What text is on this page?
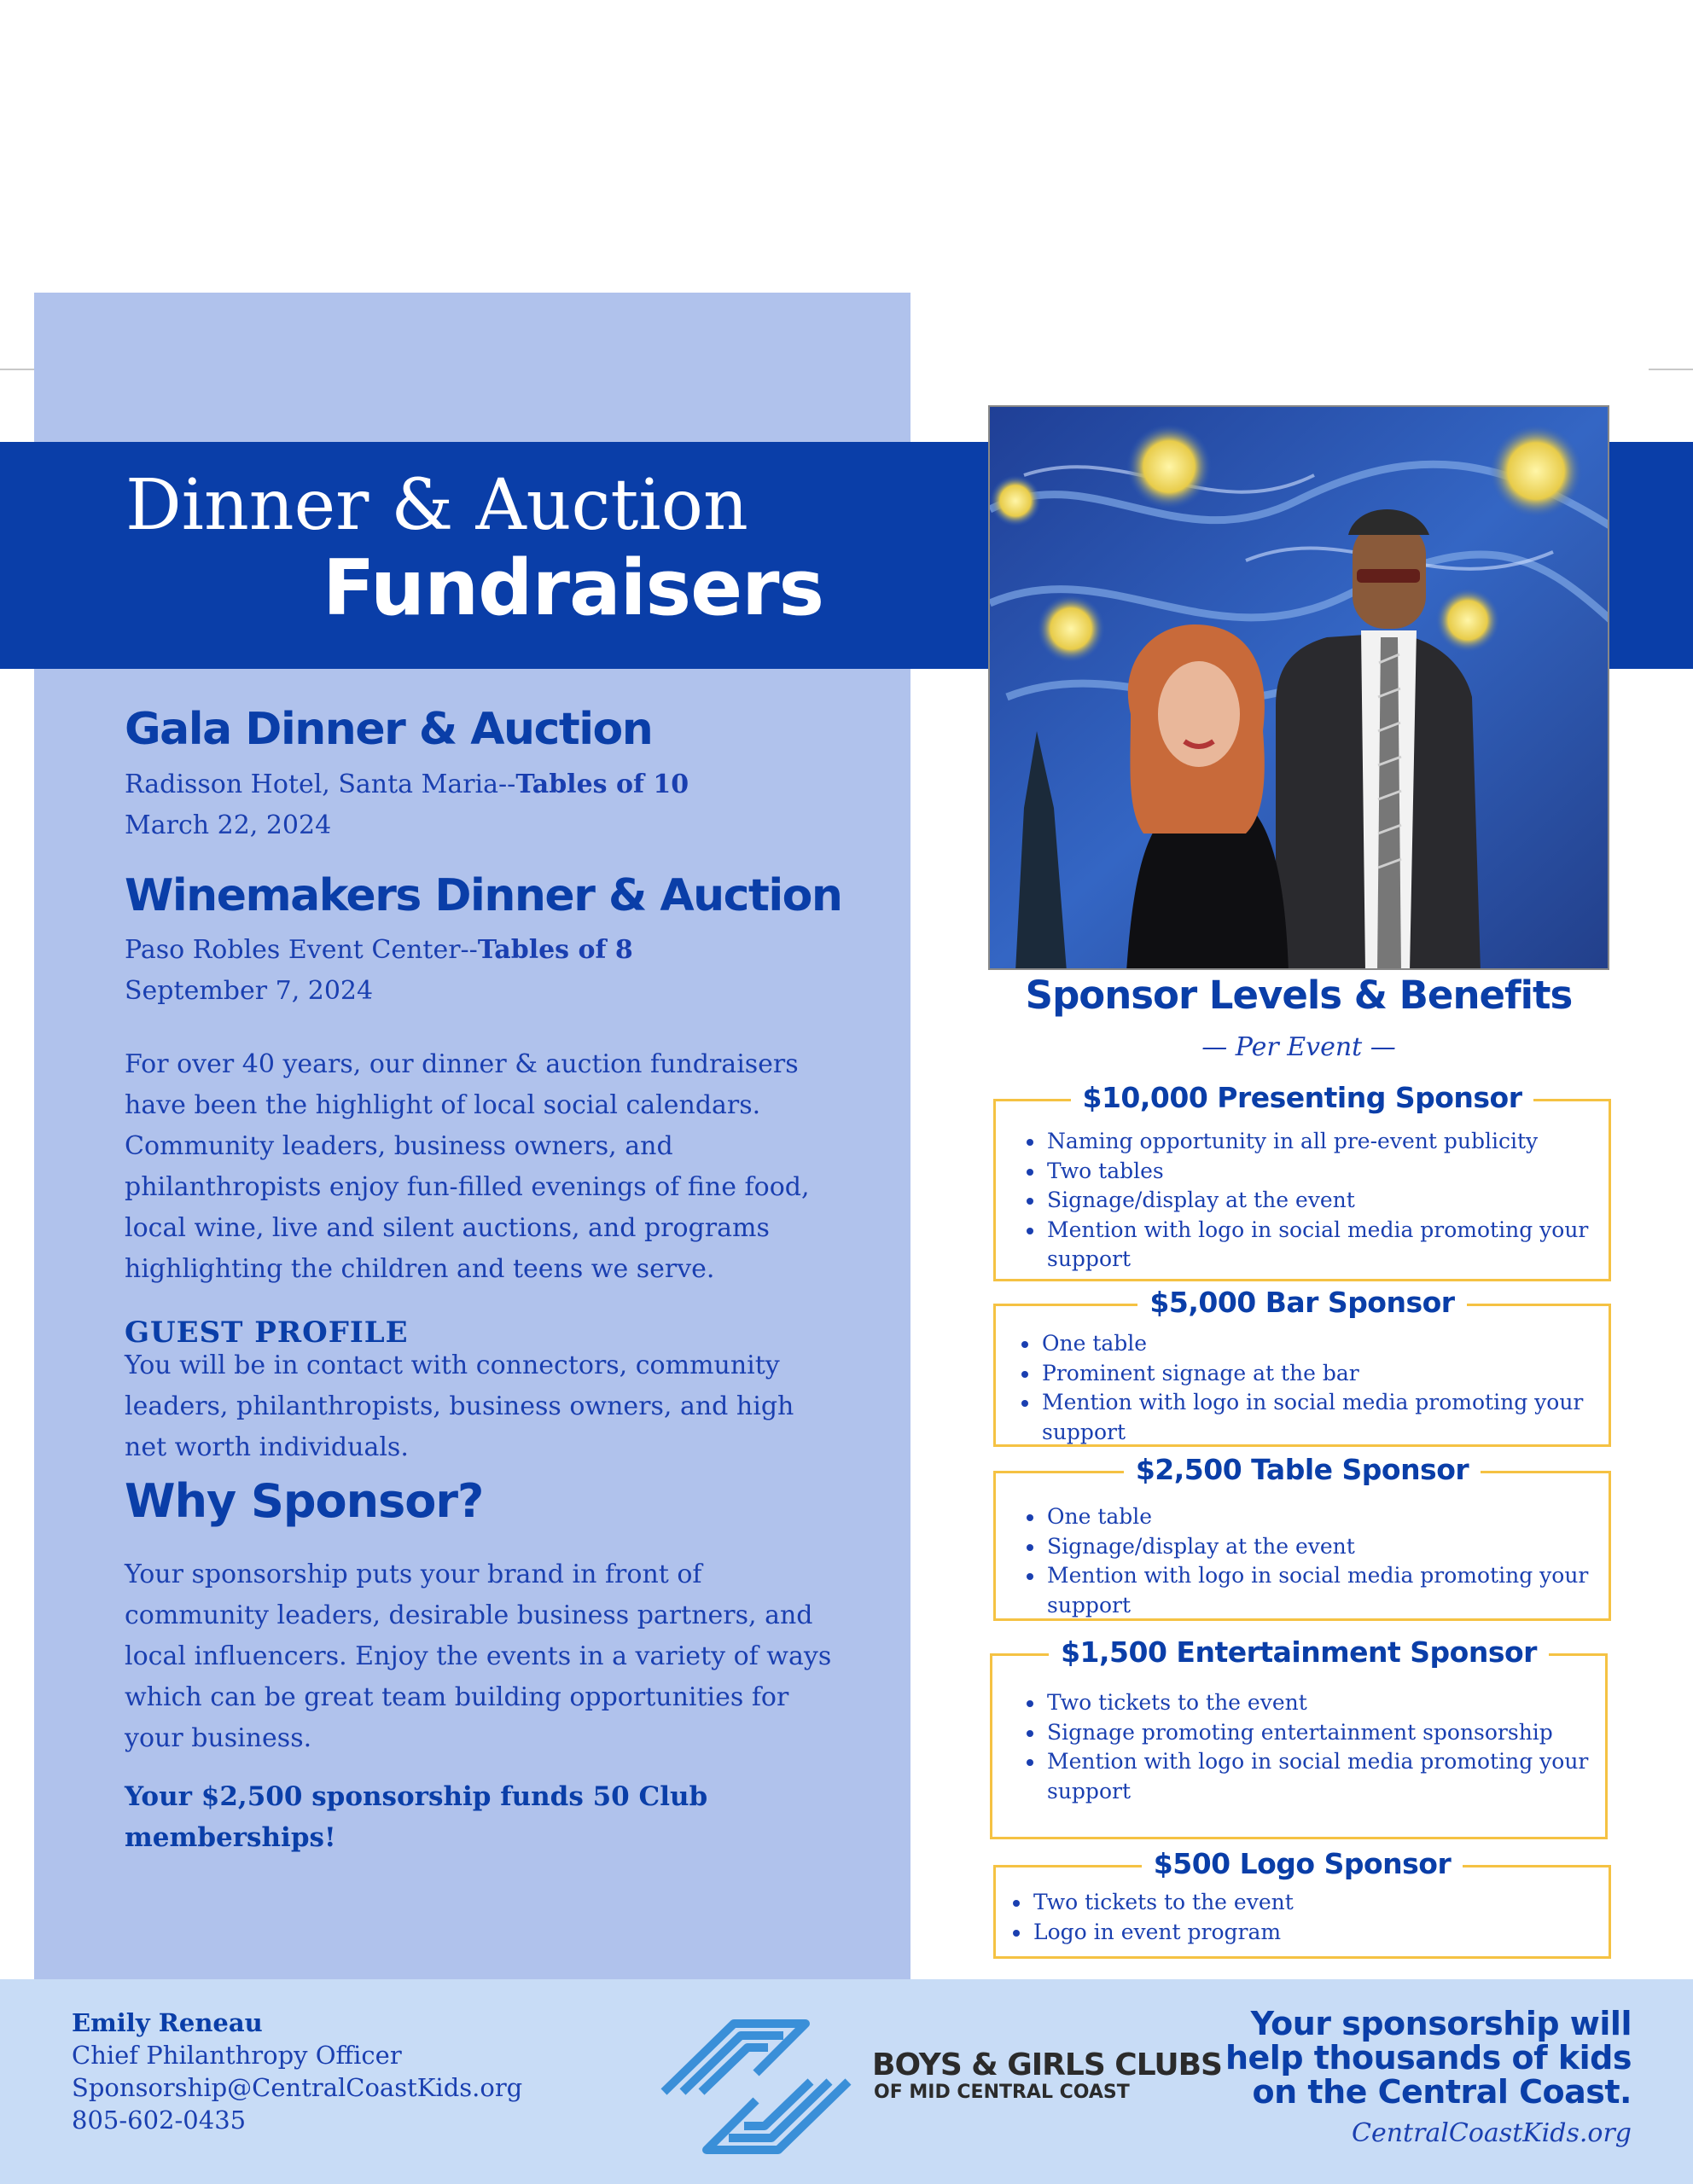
Dinner & Auction
Fundraisers
Gala Dinner & Auction
Radisson Hotel, Santa Maria--Tables of 10
March 22, 2024
Winemakers Dinner & Auction
Paso Robles Event Center--Tables of 8
September 7, 2024
For over 40 years, our dinner & auction fundraisers have been the highlight of local social calendars. Community leaders, business owners, and philanthropists enjoy fun-filled evenings of fine food, local wine, live and silent auctions, and programs highlighting the children and teens we serve.
GUEST PROFILE
You will be in contact with connectors, community leaders, philanthropists, business owners, and high net worth individuals.
Why Sponsor?
Your sponsorship puts your brand in front of community leaders, desirable business partners, and local influencers. Enjoy the events in a variety of ways which can be great team building opportunities for your business.
Your $2,500 sponsorship funds 50 Club memberships!
Sponsor Levels & Benefits
— Per Event —
$10,000 Presenting Sponsor
• Naming opportunity in all pre-event publicity
• Two tables
• Signage/display at the event
• Mention with logo in social media promoting your support
$5,000 Bar Sponsor
• One table
• Prominent signage at the bar
• Mention with logo in social media promoting your support
$2,500 Table Sponsor
• One table
• Signage/display at the event
• Mention with logo in social media promoting your support
$1,500 Entertainment Sponsor
• Two tickets to the event
• Signage promoting entertainment sponsorship
• Mention with logo in social media promoting your support
$500 Logo Sponsor
• Two tickets to the event
• Logo in event program
Emily Reneau
Chief Philanthropy Officer
Sponsorship@CentralCoastKids.org
805-602-0435
BOYS & GIRLS CLUBS
OF MID CENTRAL COAST
Your sponsorship will
help thousands of kids
on the Central Coast.
CentralCoastKids.org
